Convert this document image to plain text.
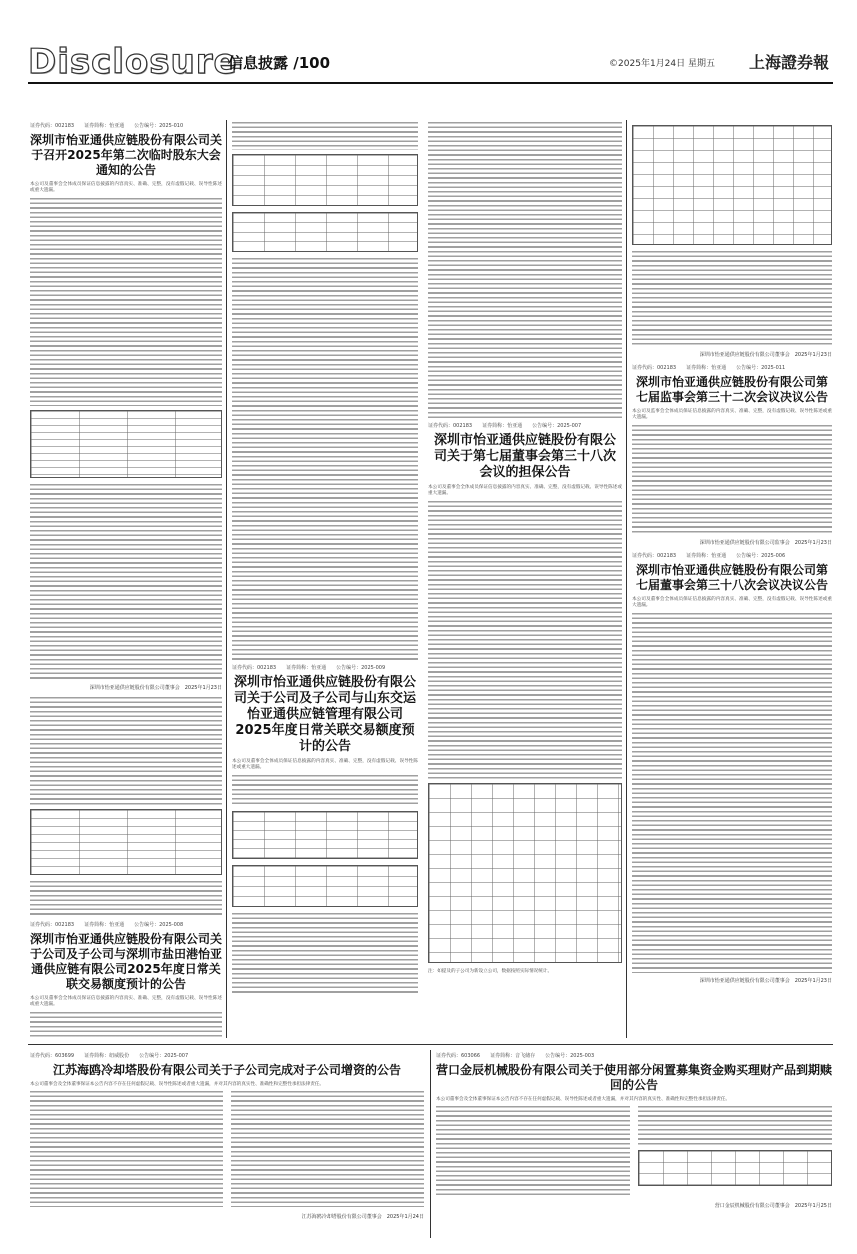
Disclosure
信息披露 /100	©2025年1月24日 星期五 上海證券報

证券代码：002183　　证券简称：怡亚通　　公告编号：2025-010

深圳市怡亚通供应链股份有限公司关于召开2025年第二次临时股东大会通知的公告

本公司及董事会全体成员保证信息披露的内容真实、准确、完整，没有虚假记载、误导性陈述或重大遗漏。

深圳市怡亚通供应链股份有限公司董事会　2025年1月23日

证券代码：002183　　证券简称：怡亚通　　公告编号：2025-008

深圳市怡亚通供应链股份有限公司关于公司及子公司与深圳市盐田港怡亚通供应链有限公司2025年度日常关联交易额度预计的公告

本公司及董事会全体成员保证信息披露的内容真实、准确、完整，没有虚假记载、误导性陈述或重大遗漏。

证券代码：002183　　证券简称：怡亚通　　公告编号：2025-009

深圳市怡亚通供应链股份有限公司关于公司及子公司与山东交运怡亚通供应链管理有限公司2025年度日常关联交易额度预计的公告

本公司及董事会全体成员保证信息披露的内容真实、准确、完整，没有虚假记载、误导性陈述或重大遗漏。

证券代码：002183　　证券简称：怡亚通　　公告编号：2025-007

深圳市怡亚通供应链股份有限公司关于第七届董事会第三十八次会议的担保公告

本公司及董事会全体成员保证信息披露的内容真实、准确、完整，没有虚假记载、误导性陈述或重大遗漏。

注：如提及的子公司为新设立公司，数据按照实际情况统计。

深圳市怡亚通供应链股份有限公司董事会　2025年1月23日

证券代码：002183　　证券简称：怡亚通　　公告编号：2025-011

深圳市怡亚通供应链股份有限公司第七届监事会第三十二次会议决议公告

本公司及监事会全体成员保证信息披露的内容真实、准确、完整，没有虚假记载、误导性陈述或重大遗漏。

深圳市怡亚通供应链股份有限公司监事会　2025年1月23日

证券代码：002183　　证券简称：怡亚通　　公告编号：2025-006

深圳市怡亚通供应链股份有限公司第七届董事会第三十八次会议决议公告

本公司及董事会全体成员保证信息披露的内容真实、准确、完整，没有虚假记载、误导性陈述或重大遗漏。

深圳市怡亚通供应链股份有限公司董事会　2025年1月23日

证券代码：603699　　证券简称：纽威股份　　公告编号：2025-007

江苏海鸥冷却塔股份有限公司关于子公司完成对子公司增资的公告

本公司董事会及全体董事保证本公告内容不存在任何虚假记载、误导性陈述或者重大遗漏，并对其内容的真实性、准确性和完整性承担法律责任。

江苏海鸥冷却塔股份有限公司董事会　2025年1月24日

证券代码：603066　　证券简称：音飞储存　　公告编号：2025-003

营口金辰机械股份有限公司关于使用部分闲置募集资金购买理财产品到期赎回的公告

本公司董事会及全体董事保证本公告内容不存在任何虚假记载、误导性陈述或者重大遗漏，并对其内容的真实性、准确性和完整性承担法律责任。

营口金辰机械股份有限公司董事会　2025年1月25日
